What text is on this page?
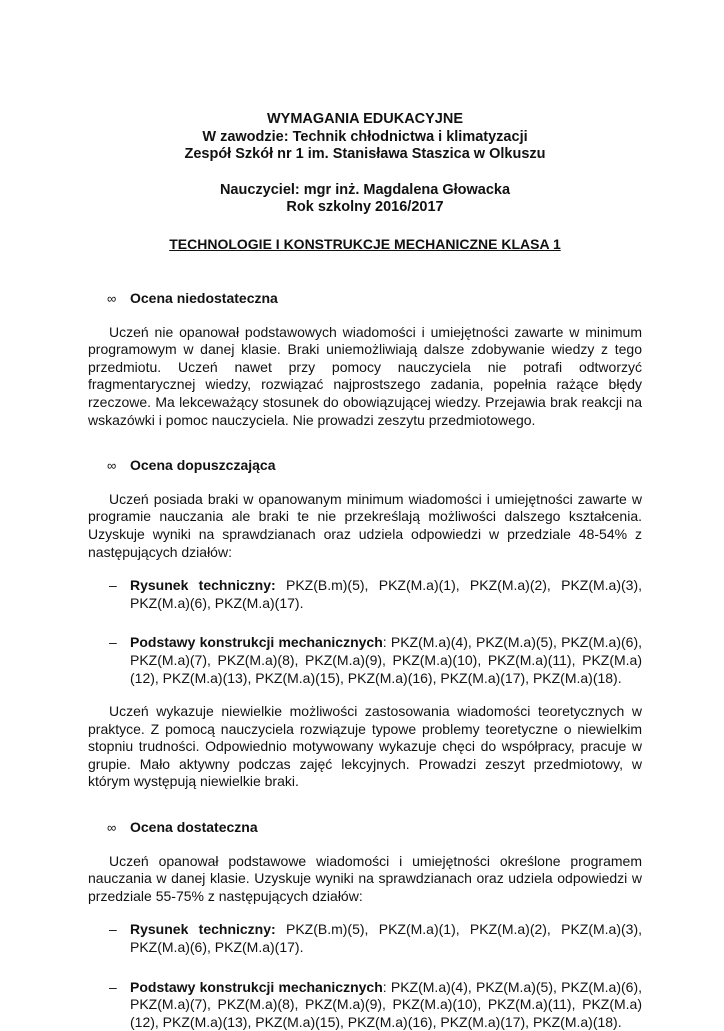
WYMAGANIA EDUKACYJNE
W zawodzie: Technik chłodnictwa i klimatyzacji
Zespół Szkół nr 1 im. Stanisława Staszica w Olkuszu
Nauczyciel: mgr inż. Magdalena Głowacka
Rok szkolny 2016/2017
TECHNOLOGIE I KONSTRUKCJE MECHANICZNE KLASA 1
∞ Ocena niedostateczna

Uczeń nie opanował podstawowych wiadomości i umiejętności zawarte w minimum programowym w danej klasie. Braki uniemożliwiają dalsze zdobywanie wiedzy z tego przedmiotu. Uczeń nawet przy pomocy nauczyciela nie potrafi odtworzyć fragmentarycznej wiedzy, rozwiązać najprostszego zadania, popełnia rażące błędy rzeczowe. Ma lekceważący stosunek do obowiązującej wiedzy. Przejawia brak reakcji na wskazówki i pomoc nauczyciela. Nie prowadzi zeszytu przedmiotowego.

∞ Ocena dopuszczająca

Uczeń posiada braki w opanowanym minimum wiadomości i umiejętności zawarte w programie nauczania ale braki te nie przekreślają możliwości dalszego kształcenia. Uzyskuje wyniki na sprawdzianach oraz udziela odpowiedzi w przedziale 48-54% z następujących działów:

– Rysunek techniczny: PKZ(B.m)(5), PKZ(M.a)(1), PKZ(M.a)(2), PKZ(M.a)(3), PKZ(M.a)(6), PKZ(M.a)(17).
– Podstawy konstrukcji mechanicznych: PKZ(M.a)(4), PKZ(M.a)(5), PKZ(M.a)(6), PKZ(M.a)(7), PKZ(M.a)(8), PKZ(M.a)(9), PKZ(M.a)(10), PKZ(M.a)(11), PKZ(M.a)(12), PKZ(M.a)(13), PKZ(M.a)(15), PKZ(M.a)(16), PKZ(M.a)(17), PKZ(M.a)(18).

Uczeń wykazuje niewielkie możliwości zastosowania wiadomości teoretycznych w praktyce. Z pomocą nauczyciela rozwiązuje typowe problemy teoretyczne o niewielkim stopniu trudności. Odpowiednio motywowany wykazuje chęci do współpracy, pracuje w grupie. Mało aktywny podczas zajęć lekcyjnych. Prowadzi zeszyt przedmiotowy, w którym występują niewielkie braki.

∞ Ocena dostateczna

Uczeń opanował podstawowe wiadomości i umiejętności określone programem nauczania w danej klasie. Uzyskuje wyniki na sprawdzianach oraz udziela odpowiedzi w przedziale 55-75% z następujących działów:

– Rysunek techniczny: PKZ(B.m)(5), PKZ(M.a)(1), PKZ(M.a)(2), PKZ(M.a)(3), PKZ(M.a)(6), PKZ(M.a)(17).
– Podstawy konstrukcji mechanicznych: PKZ(M.a)(4), PKZ(M.a)(5), PKZ(M.a)(6), PKZ(M.a)(7), PKZ(M.a)(8), PKZ(M.a)(9), PKZ(M.a)(10), PKZ(M.a)(11), PKZ(M.a)(12), PKZ(M.a)(13), PKZ(M.a)(15), PKZ(M.a)(16), PKZ(M.a)(17), PKZ(M.a)(18).
